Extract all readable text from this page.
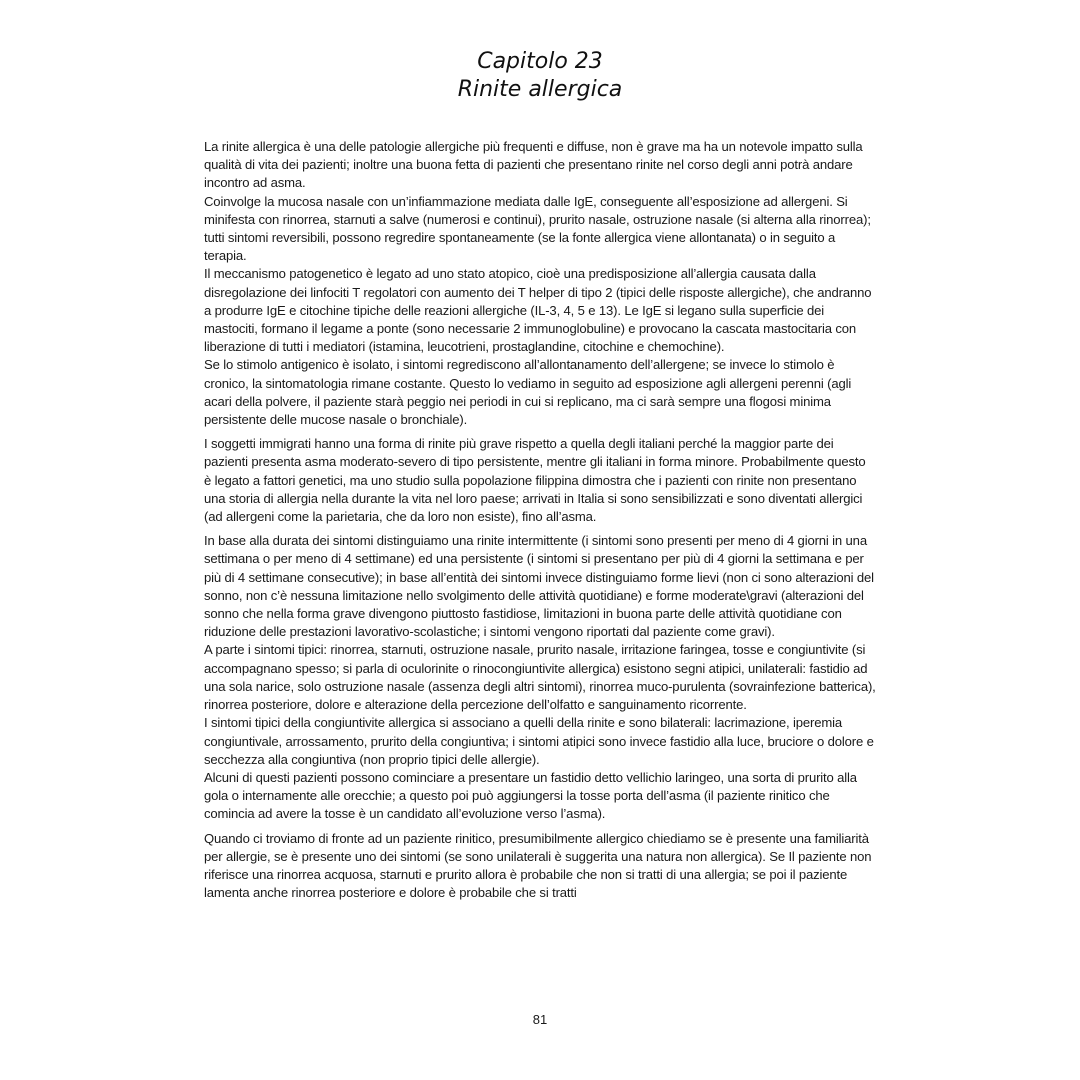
Capitolo 23
Rinite allergica

La rinite allergica è una delle patologie allergiche più frequenti e diffuse, non è grave ma ha un notevole impatto sulla qualità di vita dei pazienti; inoltre una buona fetta di pazienti che presentano rinite nel corso degli anni potrà andare incontro ad asma.

Coinvolge la mucosa nasale con un’infiammazione mediata dalle IgE, conseguente all’esposizione ad allergeni. Si minifesta con rinorrea, starnuti a salve (numerosi e continui), prurito nasale, ostruzione nasale (si alterna alla rinorrea); tutti sintomi reversibili, possono regredire spontaneamente (se la fonte allergica viene allontanata) o in seguito a terapia.

Il meccanismo patogenetico è legato ad uno stato atopico, cioè una predisposizione all’allergia causata dalla disregolazione dei linfociti T regolatori con aumento dei T helper di tipo 2 (tipici delle risposte allergiche), che andranno a produrre IgE e citochine tipiche delle reazioni allergiche (IL-3, 4, 5 e 13). Le IgE si legano sulla superficie dei mastociti, formano il legame a ponte (sono necessarie 2 immunoglobuline) e provocano la cascata mastocitaria con liberazione di tutti i mediatori (istamina, leucotrieni, prostaglandine, citochine e chemochine).

Se lo stimolo antigenico è isolato, i sintomi regrediscono all’allontanamento dell’allergene; se invece lo stimolo è cronico, la sintomatologia rimane costante. Questo lo vediamo in seguito ad esposizione agli allergeni perenni (agli acari della polvere, il paziente starà peggio nei periodi in cui si replicano, ma ci sarà sempre una flogosi minima persistente delle mucose nasale o bronchiale).

I soggetti immigrati hanno una forma di rinite più grave rispetto a quella degli italiani perché la maggior parte dei pazienti presenta asma moderato-severo di tipo persistente, mentre gli italiani in forma minore. Probabilmente questo è legato a fattori genetici, ma uno studio sulla popolazione filippina dimostra che i pazienti con rinite non presentano una storia di allergia nella durante la vita nel loro paese; arrivati in Italia si sono sensibilizzati e sono diventati allergici (ad allergeni come la parietaria, che da loro non esiste), fino all’asma.

In base alla durata dei sintomi distinguiamo una rinite intermittente (i sintomi sono presenti per meno di 4 giorni in una settimana o per meno di 4 settimane) ed una persistente (i sintomi si presentano per più di 4 giorni la settimana e per più di 4 settimane consecutive); in base all’entità dei sintomi invece distinguiamo forme lievi (non ci sono alterazioni del sonno, non c’è nessuna limitazione nello svolgimento delle attività quotidiane) e forme moderate\gravi (alterazioni del sonno che nella forma grave divengono piuttosto fastidiose, limitazioni in buona parte delle attività quotidiane con riduzione delle prestazioni lavorativo-scolastiche; i sintomi vengono riportati dal paziente come gravi).

A parte i sintomi tipici: rinorrea, starnuti, ostruzione nasale, prurito nasale, irritazione faringea, tosse e congiuntivite (si accompagnano spesso; si parla di oculorinite o rinocongiuntivite allergica) esistono segni atipici, unilaterali: fastidio ad una sola narice, solo ostruzione nasale (assenza degli altri sintomi), rinorrea muco-purulenta (sovrainfezione batterica), rinorrea posteriore, dolore e alterazione della percezione dell’olfatto e sanguinamento ricorrente.

I sintomi tipici della congiuntivite allergica si associano a quelli della rinite e sono bilaterali: lacrimazione, iperemia congiuntivale, arrossamento, prurito della congiuntiva; i sintomi atipici sono invece fastidio alla luce, bruciore o dolore e secchezza alla congiuntiva (non proprio tipici delle allergie).

Alcuni di questi pazienti possono cominciare a presentare un fastidio detto vellichio laringeo, una sorta di prurito alla gola o internamente alle orecchie; a questo poi può aggiungersi la tosse porta dell’asma (il paziente rinitico che comincia ad avere la tosse è un candidato all’evoluzione verso l’asma).

Quando ci troviamo di fronte ad un paziente rinitico, presumibilmente allergico chiediamo se è presente una familiarità per allergie, se è presente uno dei sintomi (se sono unilaterali è suggerita una natura non allergica). Se Il paziente non riferisce una rinorrea acquosa, starnuti e prurito allora è probabile che non si tratti di una allergia; se poi il paziente lamenta anche rinorrea posteriore e dolore è probabile che si tratti

81
